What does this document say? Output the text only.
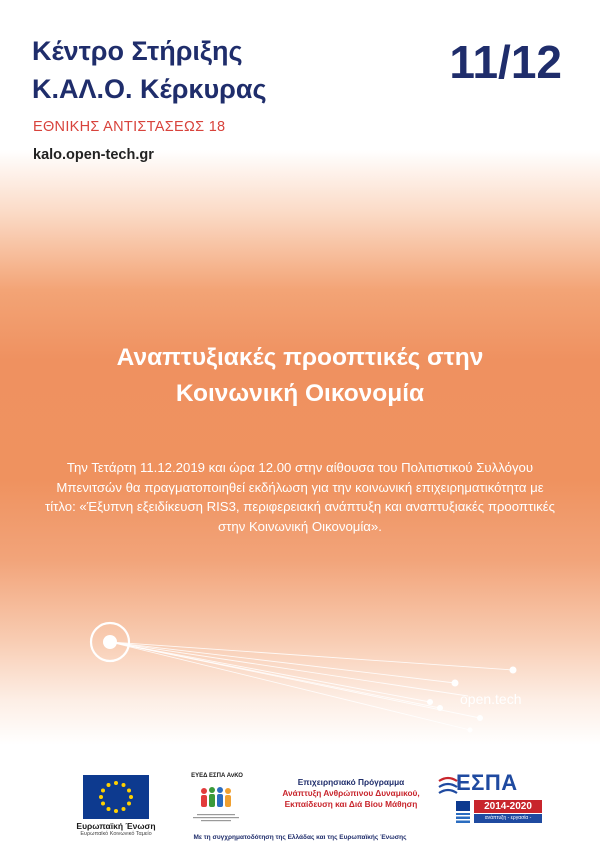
Κέντρο Στήριξης
Κ.ΑΛ.Ο. Κέρκυρας
ΕΘΝΙΚΗΣ ΑΝΤΙΣΤΑΣΕΩΣ 18
kalo.open-tech.gr
11/12
Αναπτυξιακές προοπτικές στην
Κοινωνική Οικονομία
Την Τετάρτη 11.12.2019 και ώρα 12.00 στην αίθουσα του Πολιτιστικού Συλλόγου Μπενιτσών θα πραγματοποιηθεί εκδήλωση για την κοινωνική επιχειρηματικότητα με τίτλο: «Έξυπνη εξειδίκευση RIS3, περιφερειακή ανάπτυξη και αναπτυξιακές προοπτικές στην Κοινωνική Οικονομία».
open.tech
Ευρωπαϊκή Ένωση
Ευρωπαϊκό Κοινωνικό Ταμείο
ΕΥΕΔ ΕΣΠΑ ΑνΚΟ
Επιχειρησιακό Πρόγραμμα
Ανάπτυξη Ανθρώπινου Δυναμικού,
Εκπαίδευση και Διά Βίου Μάθηση
ΕΣΠΑ
2014-2020
ανάπτυξη - εργασία - αλληλεγγύη
Με τη συγχρηματοδότηση της Ελλάδας και της Ευρωπαϊκής Ένωσης
